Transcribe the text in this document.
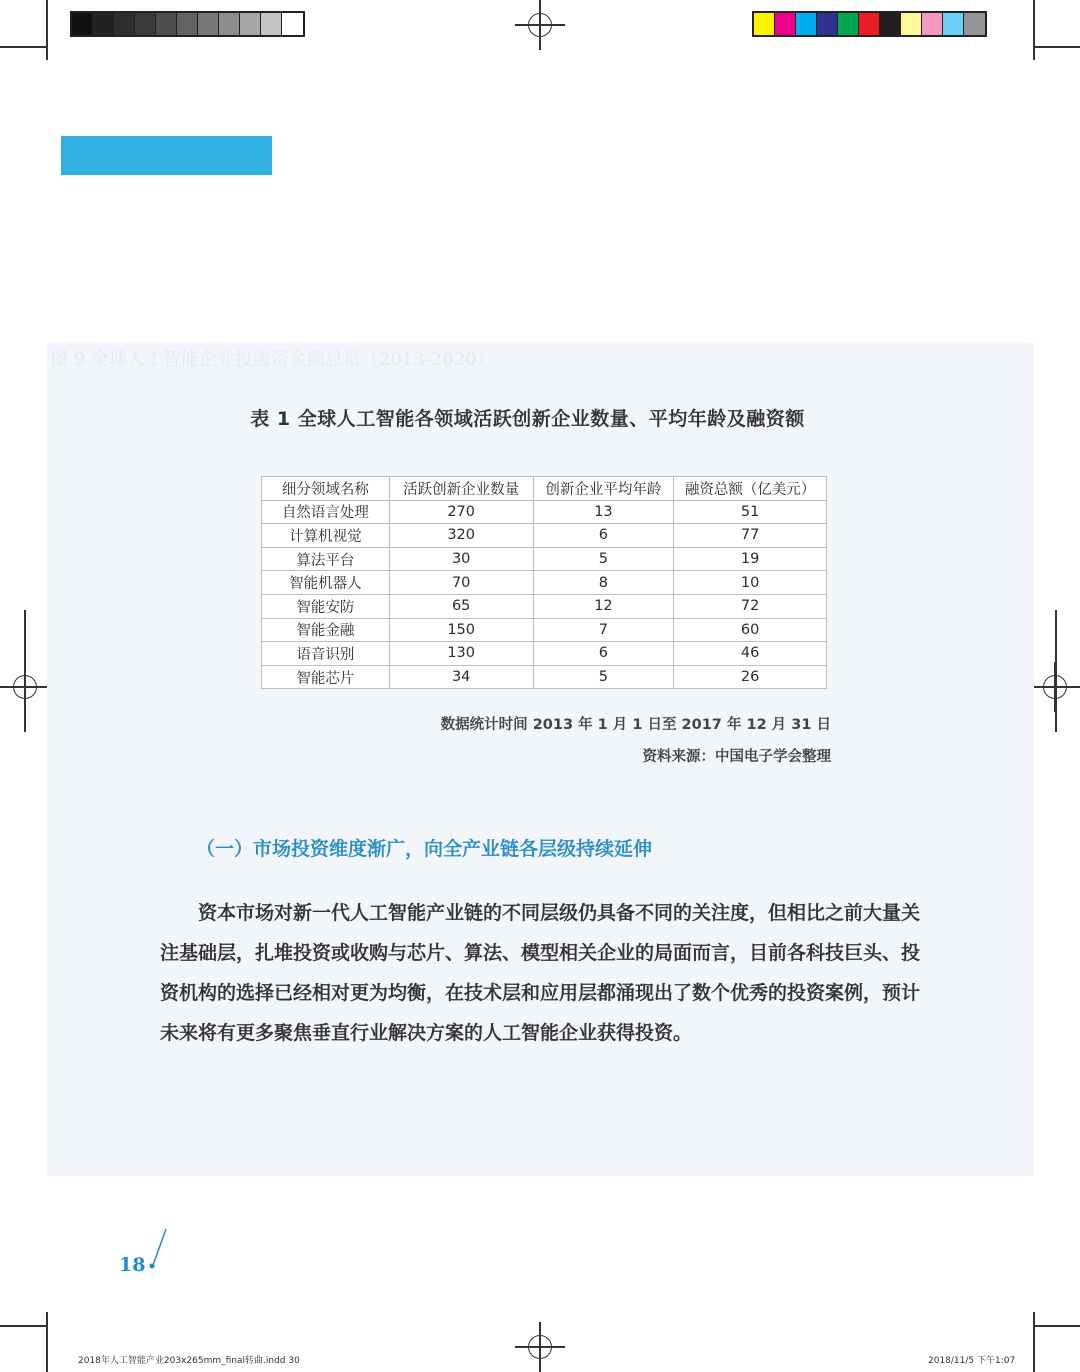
图 9 全球人工智能企业投融资金额总量（2013-2020）
表 1 全球人工智能各领域活跃创新企业数量、平均年龄及融资额
细分领域名称	活跃创新企业数量	创新企业平均年龄	融资总额（亿美元）
自然语言处理	270	13	51
计算机视觉	320	6	77
算法平台	30	5	19
智能机器人	70	8	10
智能安防	65	12	72
智能金融	150	7	60
语音识别	130	6	46
智能芯片	34	5	26
数据统计时间 2013 年 1 月 1 日至 2017 年 12 月 31 日
资料来源：中国电子学会整理
（一）市场投资维度渐广，向全产业链各层级持续延伸

资本市场对新一代人工智能产业链的不同层级仍具备不同的关注度，但相比之前大量关注基础层，扎堆投资或收购与芯片、算法、模型相关企业的局面而言，目前各科技巨头、投资机构的选择已经相对更为均衡，在技术层和应用层都涌现出了数个优秀的投资案例，预计未来将有更多聚焦垂直行业解决方案的人工智能企业获得投资。

18
2018年人工智能产业203x265mm_final转曲.indd 30	2018/11/5 下午1:07
